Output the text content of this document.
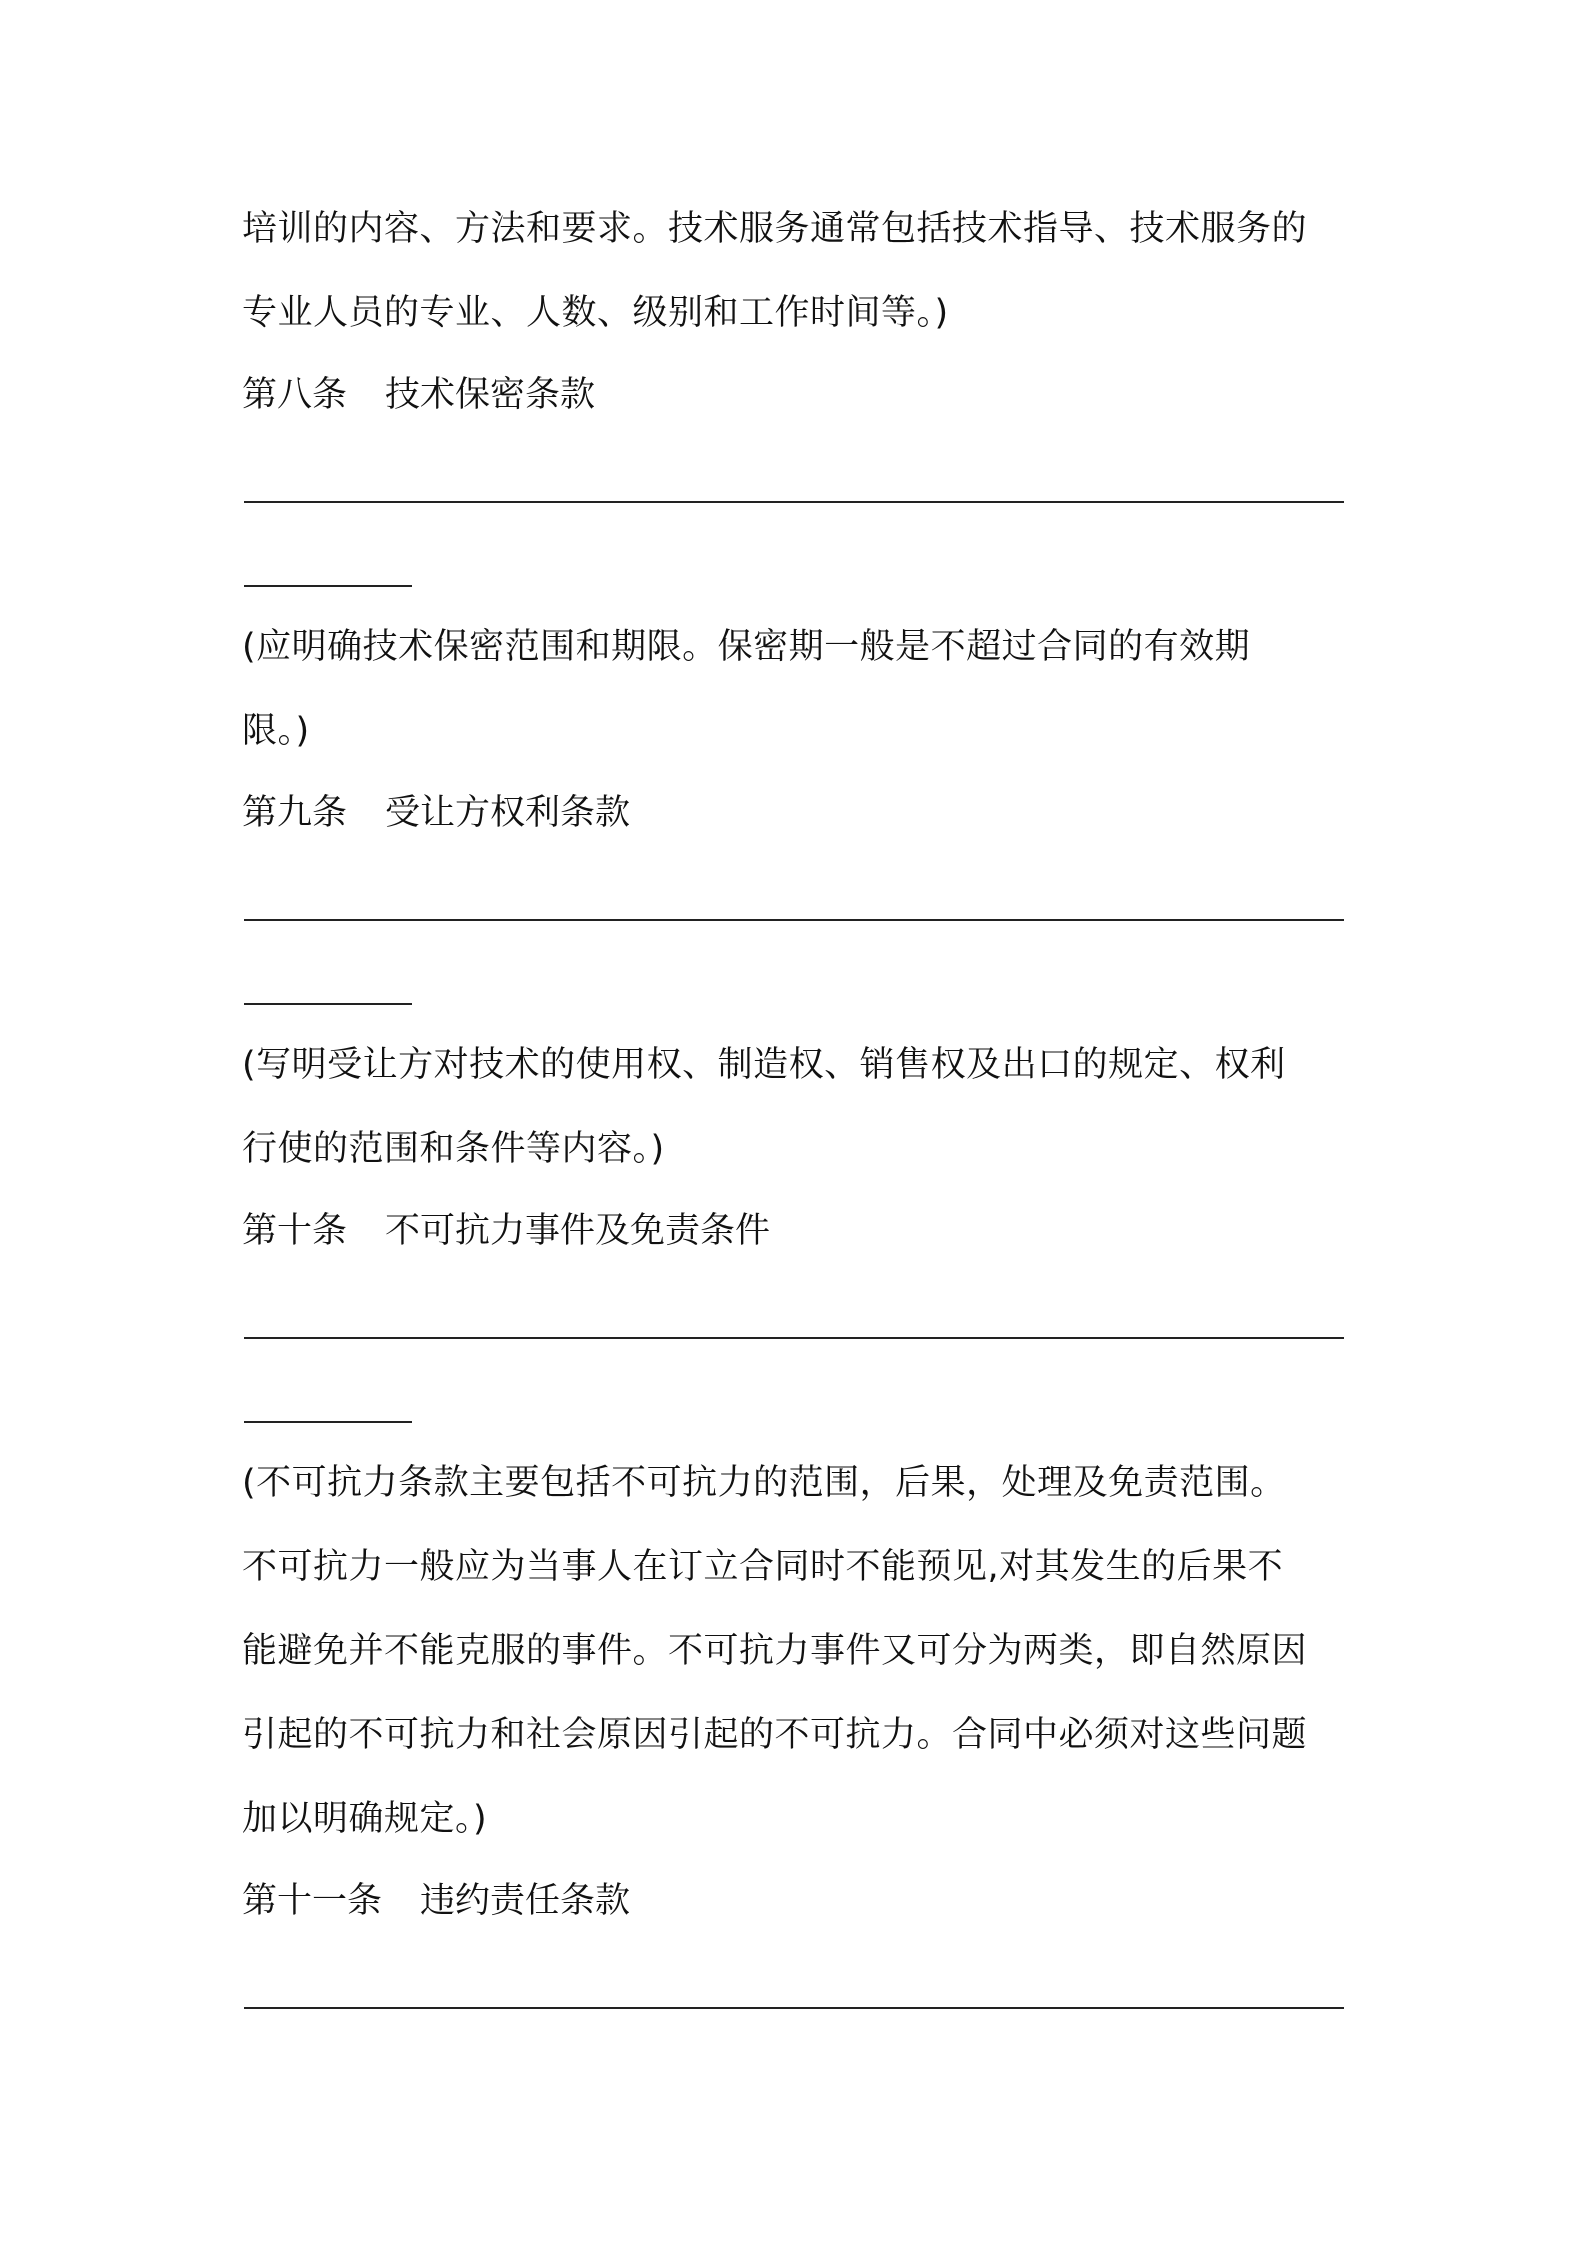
培训的内容、方法和要求。技术服务通常包括技术指导、技术服务的
专业人员的专业、人数、级别和工作时间等。)
第八条 技术保密条款
(应明确技术保密范围和期限。保密期一般是不超过合同的有效期
限。)
第九条 受让方权利条款
(写明受让方对技术的使用权、制造权、销售权及出口的规定、权利
行使的范围和条件等内容。)
第十条 不可抗力事件及免责条件
(不可抗力条款主要包括不可抗力的范围，后果，处理及免责范围。
不可抗力一般应为当事人在订立合同时不能预见,对其发生的后果不
能避免并不能克服的事件。不可抗力事件又可分为两类，即自然原因
引起的不可抗力和社会原因引起的不可抗力。合同中必须对这些问题
加以明确规定。)
第十一条 违约责任条款
